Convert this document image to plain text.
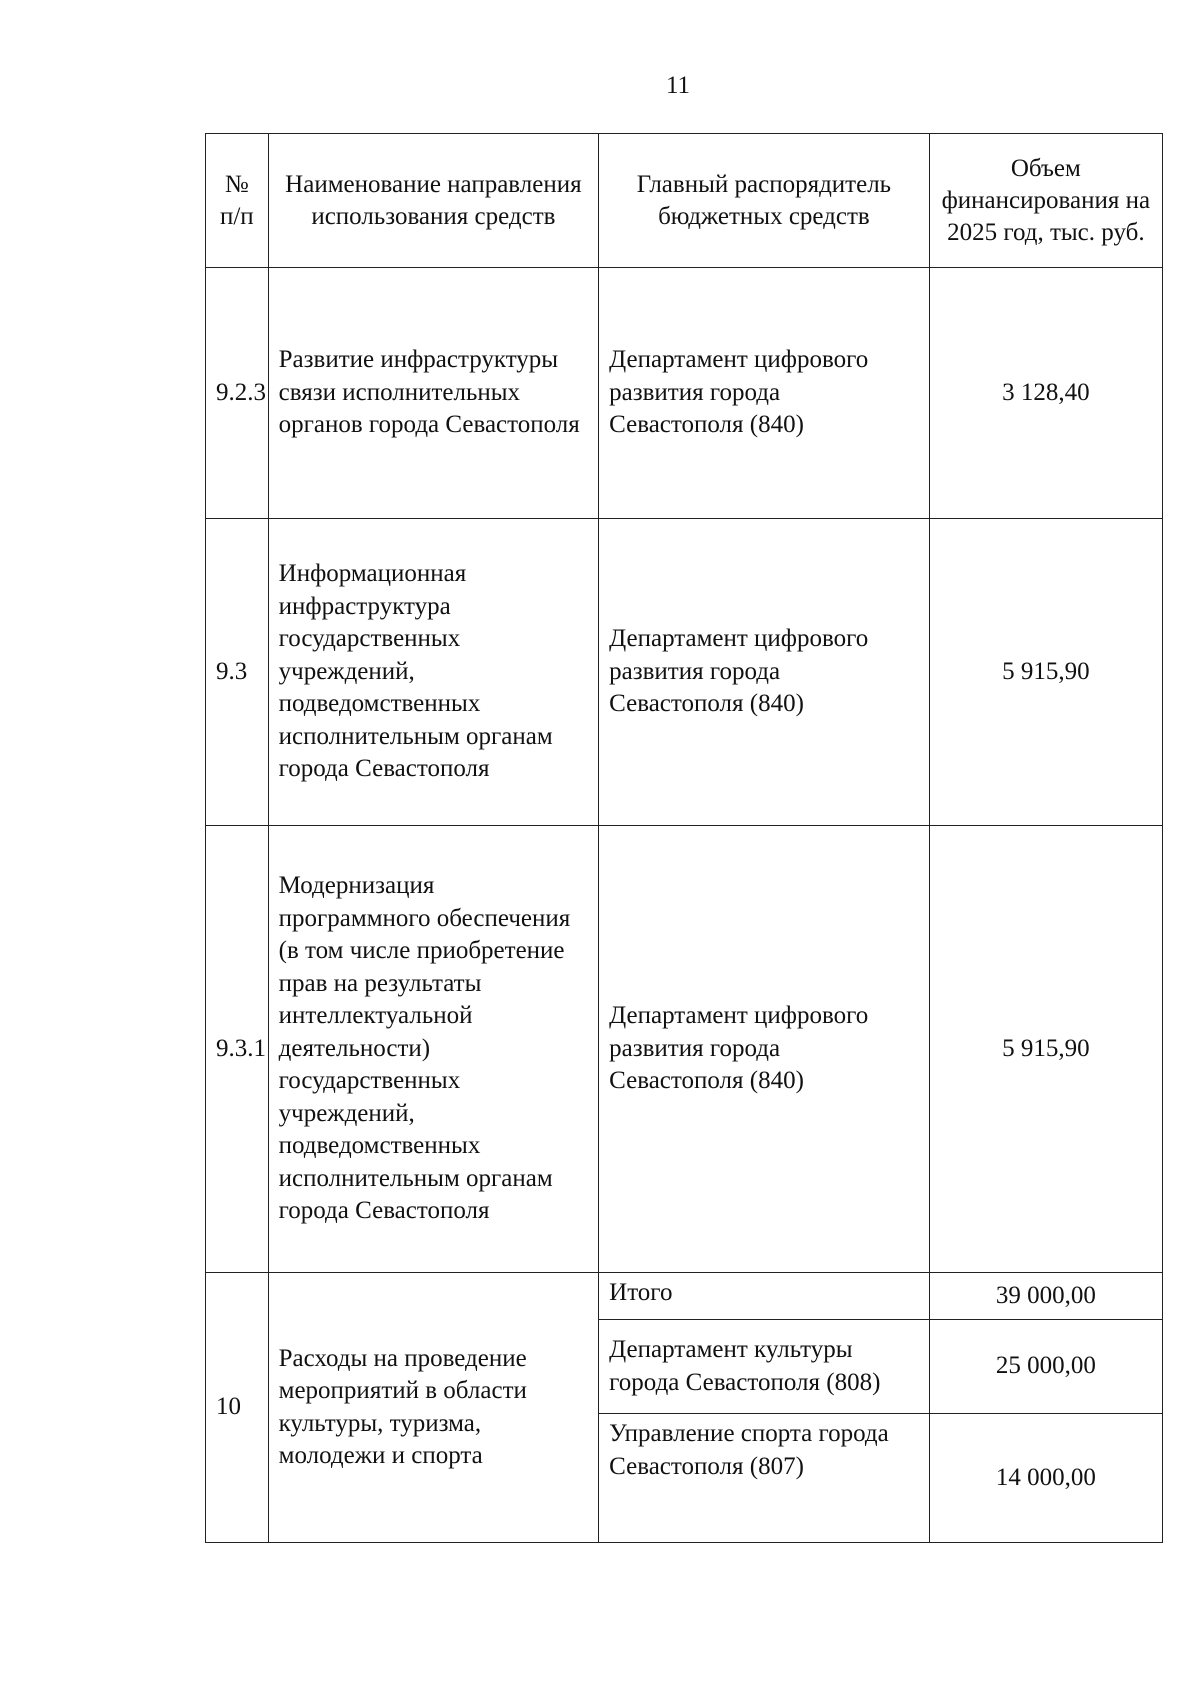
11
№ п/п	Наименование направления использования средств	Главный распорядитель бюджетных средств	Объем финансирования на 2025 год, тыс. руб.
9.2.3	Развитие инфраструктуры связи исполнительных органов города Севастополя	Департамент цифрового развития города Севастополя (840)	3 128,40
9.3	Информационная инфраструктура государственных учреждений, подведомственных исполнительным органам города Севастополя	Департамент цифрового развития города Севастополя (840)	5 915,90
9.3.1	Модернизация программного обеспечения (в том числе приобретение прав на результаты интеллектуальной деятельности) государственных учреждений, подведомственных исполнительным органам города Севастополя	Департамент цифрового развития города Севастополя (840)	5 915,90
10	Расходы на проведение мероприятий в области культуры, туризма, молодежи и спорта	Итого	39 000,00
		Департамент культуры города Севастополя (808)	25 000,00
		Управление спорта города Севастополя (807)	14 000,00
